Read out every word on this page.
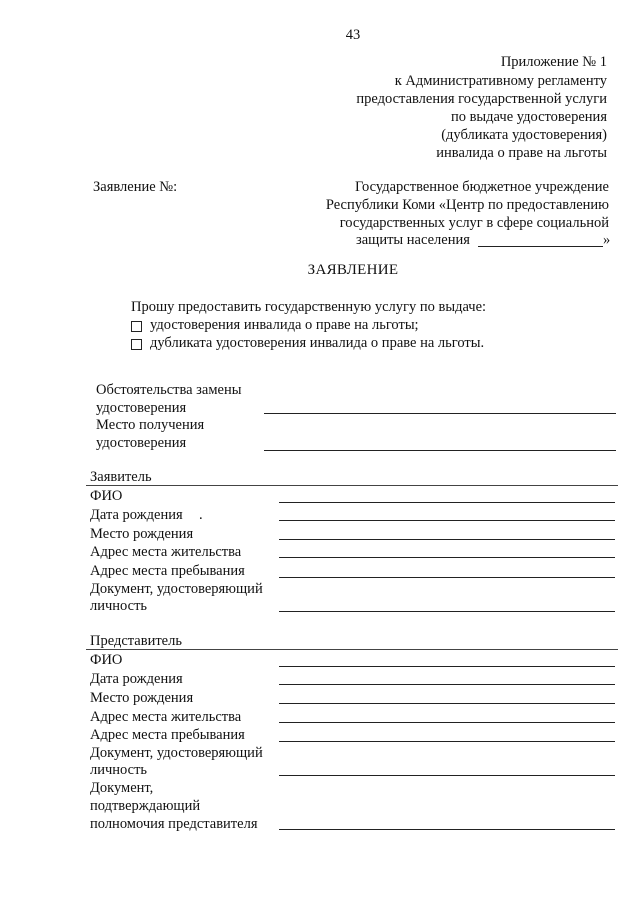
43
Приложение № 1
к Административному регламенту
предоставления государственной услуги
по выдаче удостоверения
(дубликата удостоверения)
инвалида о праве на льготы
Заявление №:	Государственное бюджетное учреждение
Республики Коми «Центр по предоставлению
государственных услуг в сфере социальной
защиты населения	»
ЗАЯВЛЕНИЕ
Прошу предоставить государственную услугу по выдаче:
удостоверения инвалида о праве на льготы;
дубликата удостоверения инвалида о праве на льготы.
Обстоятельства замены
удостоверения
Место получения
удостоверения
Заявитель
ФИО
Дата рождения .
Место рождения
Адрес места жительства
Адрес места пребывания
Документ, удостоверяющий
личность
Представитель
ФИО
Дата рождения
Место рождения
Адрес места жительства
Адрес места пребывания
Документ, удостоверяющий
личность
Документ,
подтверждающий
полномочия представителя
